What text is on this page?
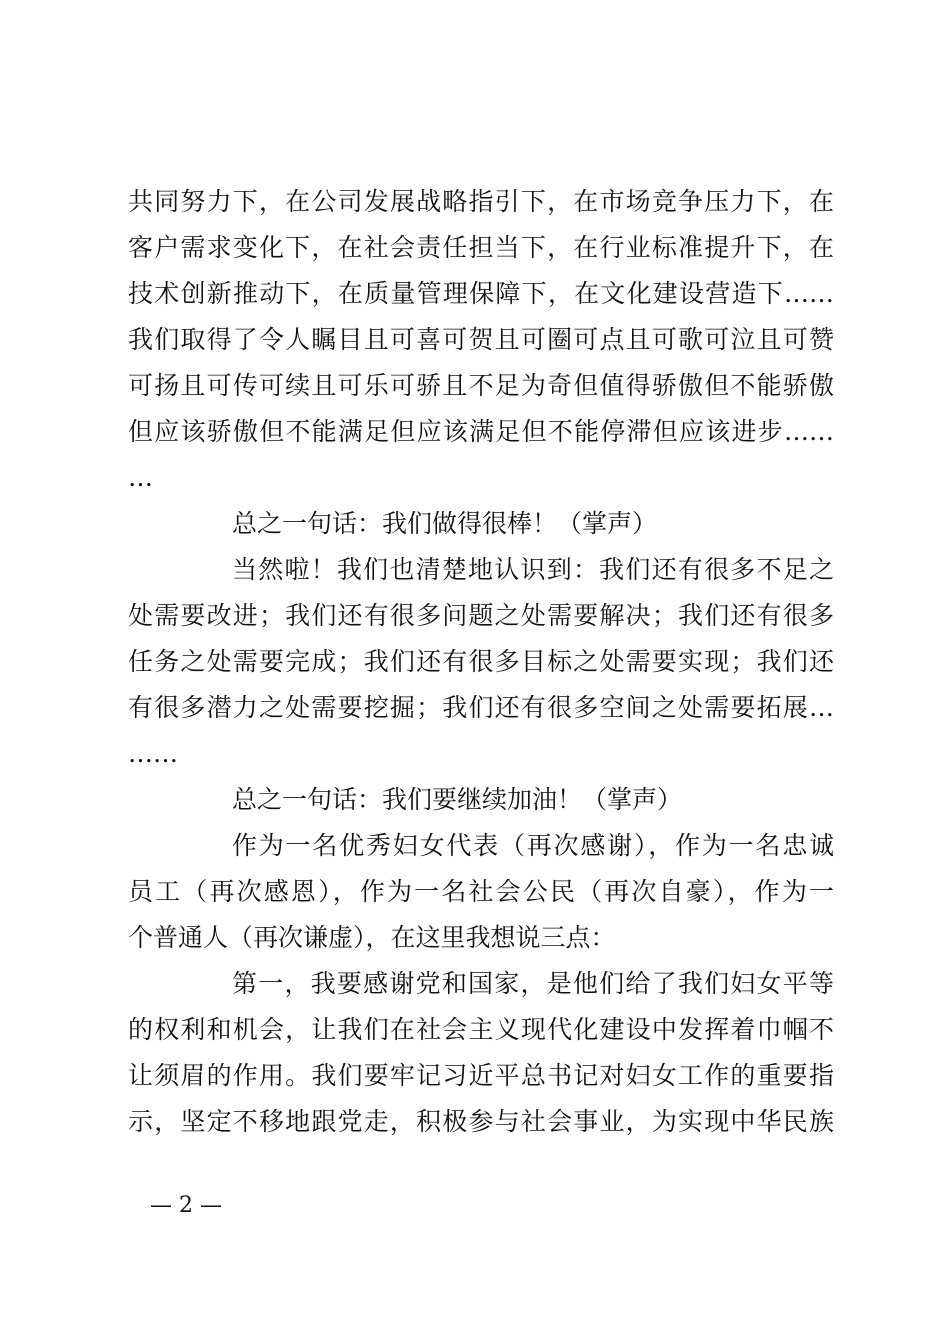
共同努力下，在公司发展战略指引下，在市场竞争压力下，在
客户需求变化下，在社会责任担当下，在行业标准提升下，在
技术创新推动下，在质量管理保障下，在文化建设营造下……
我们取得了令人瞩目且可喜可贺且可圈可点且可歌可泣且可赞
可扬且可传可续且可乐可骄且不足为奇但值得骄傲但不能骄傲
但应该骄傲但不能满足但应该满足但不能停滞但应该进步……
…
总之一句话：我们做得很棒！（掌声）
当然啦！我们也清楚地认识到：我们还有很多不足之
处需要改进；我们还有很多问题之处需要解决；我们还有很多
任务之处需要完成；我们还有很多目标之处需要实现；我们还
有很多潜力之处需要挖掘；我们还有很多空间之处需要拓展…
……
总之一句话：我们要继续加油！（掌声）
作为一名优秀妇女代表（再次感谢），作为一名忠诚
员工（再次感恩），作为一名社会公民（再次自豪），作为一
个普通人（再次谦虚），在这里我想说三点：
第一，我要感谢党和国家，是他们给了我们妇女平等
的权利和机会，让我们在社会主义现代化建设中发挥着巾帼不
让须眉的作用。我们要牢记习近平总书记对妇女工作的重要指
示，坚定不移地跟党走，积极参与社会事业，为实现中华民族
— 2 —
